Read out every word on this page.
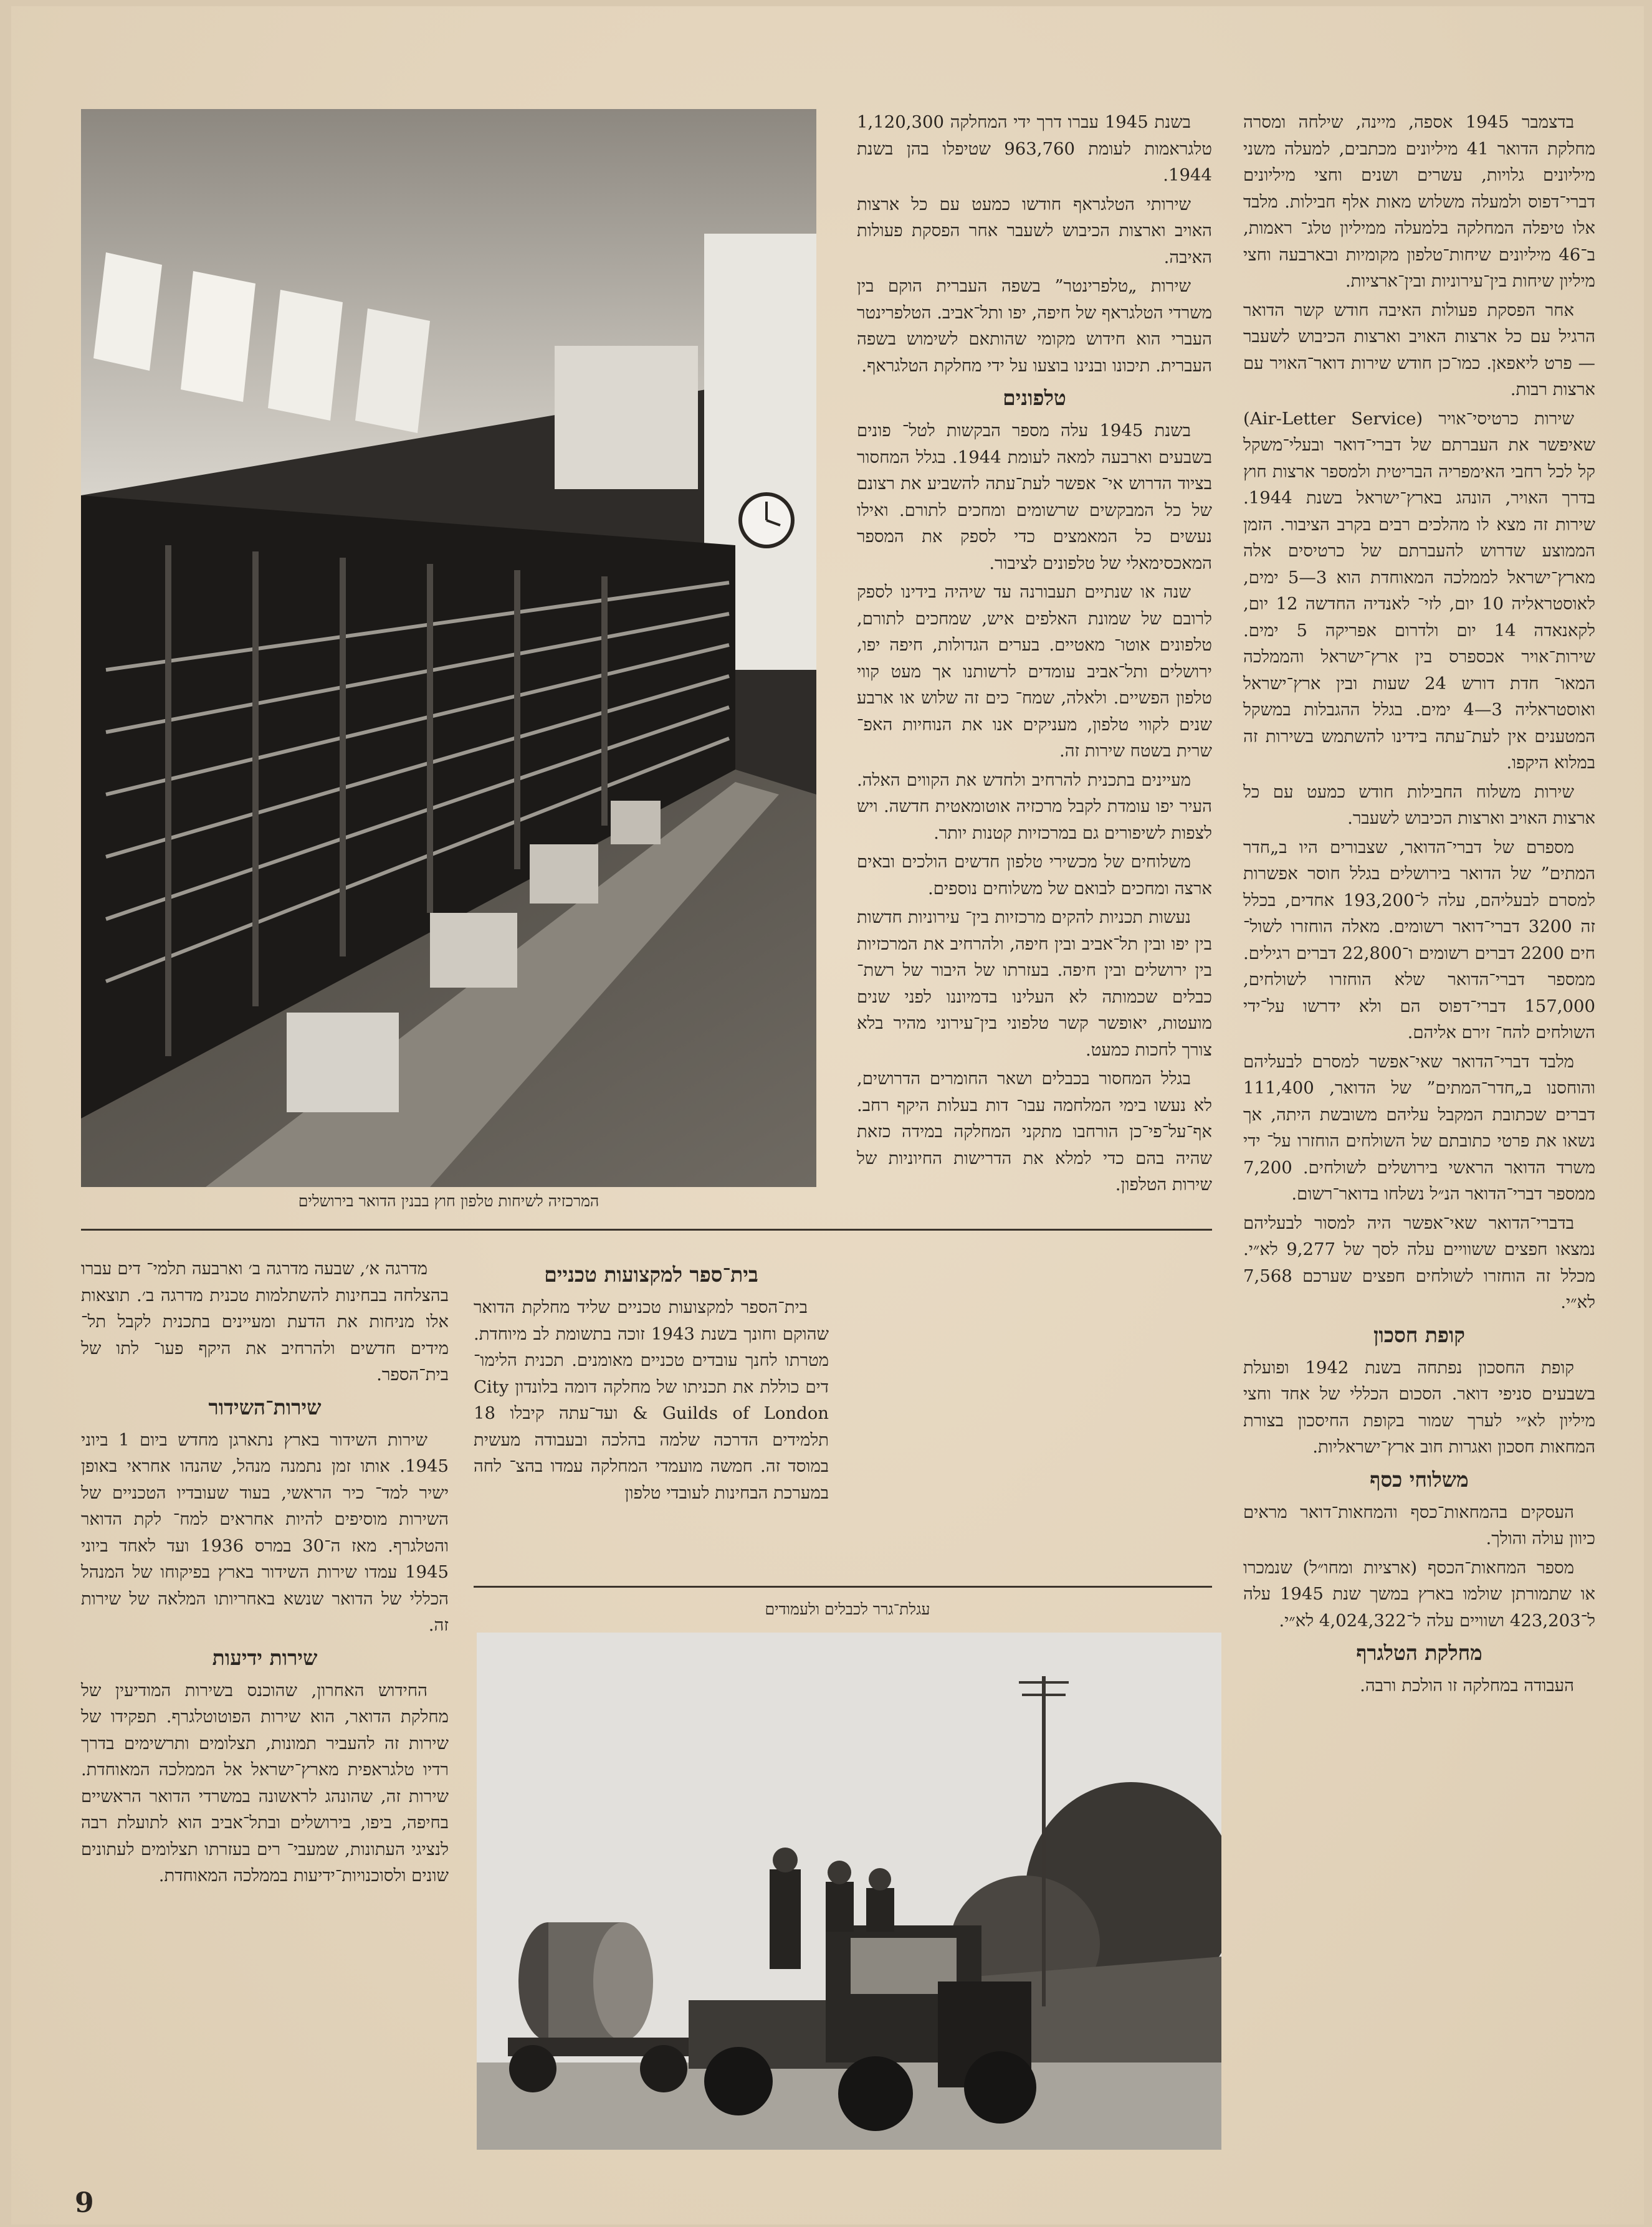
המרכזיה לשיחות טלפון חוץ בבנין הדואר בירושלים

בדצמבר 1945 אספה, מיינה, שילחה ומסרה מחלקת הדואר 41 מיליונים מכתבים, למעלה משני מיליונים גלויות, עשרים ושנים וחצי מיליונים דברי־דפוס ולמעלה משלוש מאות אלף חבילות. מלבד אלו טיפלה המחלקה בלמעלה ממיליון טלג־ ראמות, ב־46 מיליונים שיחות־טלפון מקומיות ובארבעה וחצי מיליון שיחות בין־עירוניות ובין־ארציות.

אחר הפסקת פעולות האיבה חודש קשר הדואר הרגיל עם כל ארצות האויב וארצות הכיבוש לשעבר — פרט ליאפאן. כמו־כן חודש שירות דואר־האויר עם ארצות רבות.

שירות כרטיסי־אויר (Air-Letter Service) שאיפשר את העברתם של דברי־דואר ובעלי־משקל קל לכל רחבי האימפריה הבריטית ולמספר ארצות חוץ בדרך האויר, הונהג בארץ־ישראל בשנת 1944. שירות זה מצא לו מהלכים רבים בקרב הציבור. הזמן הממוצע שדרוש להעברתם של כרטיסים אלה מארץ־ישראל לממלכה המאוחדת הוא 3—5 ימים, לאוסטראליה 10 יום, לזי־ לאנדיה החדשה 12 יום, לקאנאדה 14 יום ולדרום אפריקה 5 ימים. שירות־אויר אכספרס בין ארץ־ישראל והממלכה המאו־ חדת דורש 24 שעות ובין ארץ־ישראל ואוסטראליה 3—4 ימים. בגלל ההגבלות במשקל המטענים אין לעת־עתה בידינו להשתמש בשירות זה במלוא היקפו.

שירות משלוח החבילות חודש כמעט עם כל ארצות האויב וארצות הכיבוש לשעבר.

מספרם של דברי־הדואר, שצבורים היו ב„חדר המתים” של הדואר בירושלים בגלל חוסר אפשרות למסרם לבעליהם, עלה ל־193,200 אחדים, בכלל זה 3200 דברי־דואר רשומים. מאלה הוחזרו לשול־ חים 2200 דברים רשומים ו־22,800 דברים רגילים. ממספר דברי־הדואר שלא הוחזרו לשולחים, 157,000 דברי־דפוס הם ולא ידרשו על־ידי השולחים להח־ זירם אליהם.

מלבד דברי־הדואר שאי־אפשר למסרם לבעליהם והוחסנו ב„חדר־המתים” של הדואר, 111,400 דברים שכתובת המקבל עליהם משובשת היתה, אך נשאו את פרטי כתובתם של השולחים הוחזרו על־ ידי משרד הדואר הראשי בירושלים לשולחים. 7,200 ממספר דברי־הדואר הנ״ל נשלחו בדואר־רשום.

בדברי־הדואר שאי־אפשר היה למסור לבעליהם נמצאו חפצים ששוויים עלה לסך של 9,277 לא״י. מכלל זה הוחזרו לשולחים חפצים שערכם 7,568 לא״י.

קופת חסכון

קופת החסכון נפתחה בשנת 1942 ופועלת בשבעים סניפי דואר. הסכום הכללי של אחד וחצי מיליון לא״י לערך שמור בקופת החיסכון בצורת המחאות חסכון ואגרות חוב ארץ־ישראליות.

משלוחי כסף

העסקים בהמחאות־כסף והמחאות־דואר מראים כיוון עולה והולך.

מספר המחאות־הכסף (ארציות ומחו״ל) שנמכרו או שתמורתן שולמו בארץ במשך שנת 1945 עלה ל־423,203 ושוויים עלה ל־4,024,322 לא״י.

מחלקת הטלגרף

העבודה במחלקה זו הולכת ורבה.

בשנת 1945 עברו דרך ידי המחלקה 1,120,300 טלגראמות לעומת 963,760 שטיפלו בהן בשנת 1944.

שירותי הטלגראף חודשו כמעט עם כל ארצות האויב וארצות הכיבוש לשעבר אחר הפסקת פעולות האיבה.

שירות „טלפרינטר” בשפה העברית הוקם בין משרדי הטלגראף של חיפה, יפו ותל־אביב. הטלפרינטר העברי הוא חידוש מקומי שהותאם לשימוש בשפה העברית. תיכונו ובנינו בוצעו על ידי מחלקת הטלגראף.

טלפונים

בשנת 1945 עלה מספר הבקשות לטל־ פונים בשבעים וארבעה למאה לעומת 1944. בגלל המחסור בציוד הדרוש אי־ אפשר לעת־עתה להשביע את רצונם של כל המבקשים שרשומים ומחכים לתורם. ואילו נעשים כל המאמצים כדי לספק את המספר המאכסימאלי של טלפונים לציבור.

שנה או שנתיים תעבורנה עד שיהיה בידינו לספק לרובם של שמונת האלפים איש, שמחכים לתורם, טלפונים אוטו־ מאטיים. בערים הגדולות, חיפה יפו, ירושלים ותל־אביב עומדים לרשותנו אך מעט קווי טלפון הפשיים. ולאלה, שמח־ כים זה שלוש או ארבע שנים לקווי טלפון, מעניקים אנו את הנוחיות האפ־ שרית בשטח שירות זה.

מעיינים בתכנית להרחיב ולחדש את הקווים האלה. העיר יפו עומדת לקבל מרכזיה אוטומאטית חדשה. ויש לצפות לשיפורים גם במרכזיות קטנות יותר.

משלוחים של מכשירי טלפון חדשים הולכים ובאים ארצה ומחכים לבואם של משלוחים נוספים.

נעשות תכניות להקים מרכזיות בין־ עירוניות חדשות בין יפו ובין תל־אביב ובין חיפה, ולהרחיב את המרכזיות בין ירושלים ובין חיפה. בעזרתו של היבור של רשת־ כבלים שכמותה לא העלינו בדמיוננו לפני שנים מועטות, יאופשר קשר טלפוני בין־עירוני מהיר בלא צורך לחכות כמעט.

בגלל המחסור בכבלים ושאר החומרים הדרושים, לא נעשו בימי המלחמה עבו־ דות בעלות היקף רחב. אף־על־פי־כן הורחבו מתקני המחלקה במידה כזאת שהיה בהם כדי למלא את הדרישות החיוניות של שירות הטלפון.

בית־ספר למקצועות טכניים

בית־הספר למקצועות טכניים שליד מחלקת הדואר שהוקם וחונך בשנת 1943 זוכה בתשומת לב מיוחדת. מטרתו לחנך עובדים טכניים מאומנים. תכנית הלימו־ דים כוללת את תכניתו של מחלקה דומה בלונדון City & Guilds of London ועד־עתה קיבלו 18 תלמידים הדרכה שלמה בהלכה ובעבודה מעשית במוסד זה. חמשה מועמדי המחלקה עמדו בהצ־ לחה במערכת הבחינות לעובדי טלפון

מדרגה א׳, שבעה מדרגה ב׳ וארבעה תלמי־ דים עברו בהצלחה בבחינות להשתלמות טכנית מדרגה ב׳. תוצאות אלו מניחות את הדעת ומעיינים בתכנית לקבל תל־ מידים חדשים ולהרחיב את היקף פעו־ לתו של בית־הספר.

שירות־השידור

שירות השידור בארץ נתארגן מחדש ביום 1 ביוני 1945. אותו זמן נתמנה מנהל, שהנהו אחראי באופן ישיר למד־ כיר הראשי, בעוד שעובדיו הטכניים של השירות מוסיפים להיות אחראים למח־ לקת הדואר והטלגרף. מאז ה־30 במרס 1936 ועד לאחד ביוני 1945 עמדו שירות השידור בארץ בפיקוחו של המנהל הכללי של הדואר שנשא באחריותו המלאה של שירות זה.

שירות ידיעות

החידוש האחרון, שהוכנס בשירות המודיעין של מחלקת הדואר, הוא שירות הפוטוטלגרף. תפקידו של שירות זה להעביר תמונות, תצלומים ותרשימים בדרך רדיו טלגראפית מארץ־ישראל אל הממלכה המאוחדת. שירות זה, שהונהג לראשונה במשרדי הדואר הראשיים בחיפה, ביפו, בירושלים ובתל־אביב הוא לתועלת רבה לנציגי העתונות, שמעבי־ רים בעזרתו תצלומים לעתונים שונים ולסוכנויות־ידיעות בממלכה המאוחדת.

עגלת־גרר לכבלים ולעמודים
9
